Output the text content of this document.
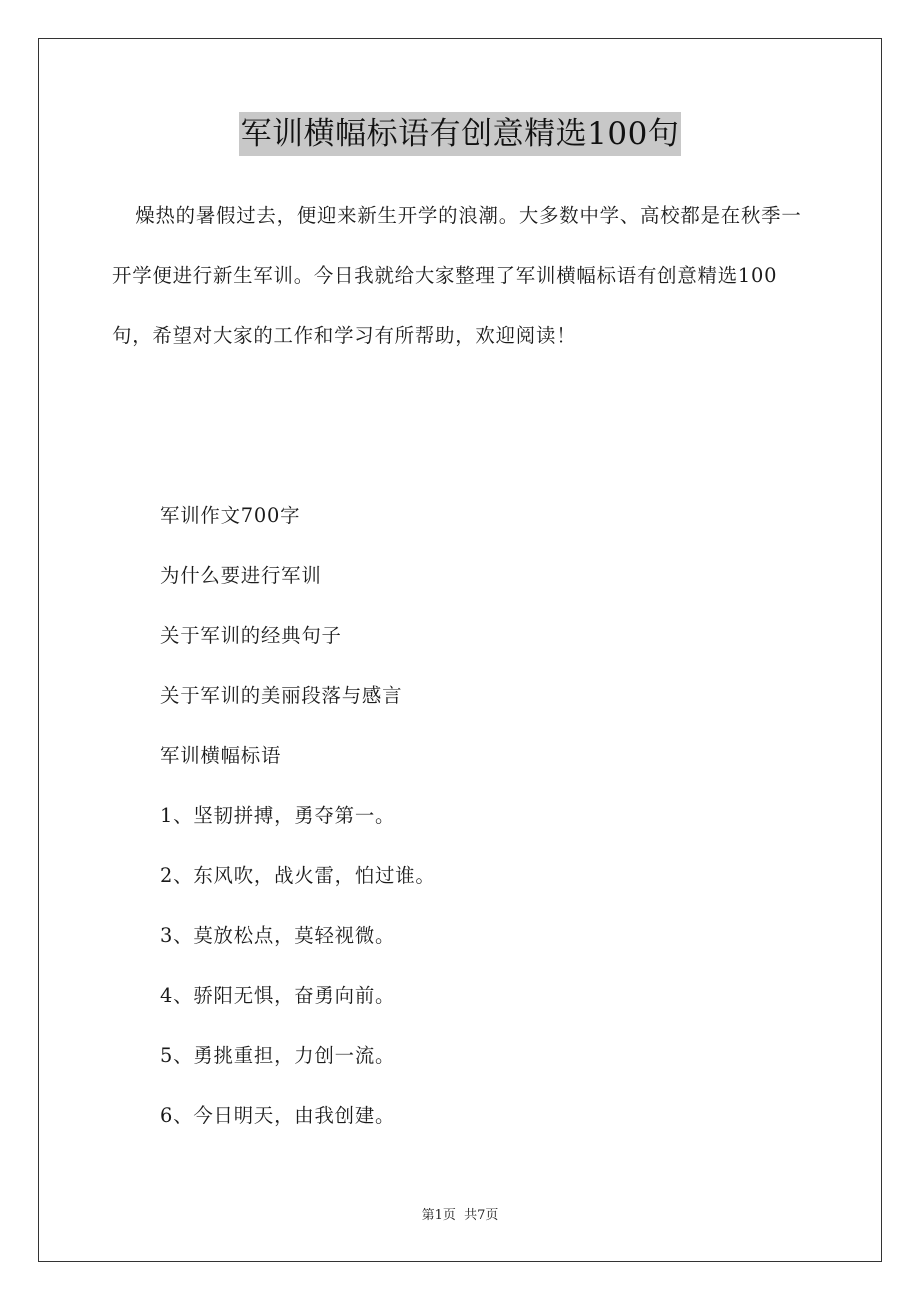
军训横幅标语有创意精选100句

燥热的暑假过去，便迎来新生开学的浪潮。大多数中学、高校都是在秋季一开学便进行新生军训。今日我就给大家整理了军训横幅标语有创意精选100句，希望对大家的工作和学习有所帮助，欢迎阅读！

军训作文700字
为什么要进行军训
关于军训的经典句子
关于军训的美丽段落与感言
军训横幅标语
1、坚韧拼搏，勇夺第一。
2、东风吹，战火雷，怕过谁。
3、莫放松点，莫轻视微。
4、骄阳无惧，奋勇向前。
5、勇挑重担，力创一流。
6、今日明天，由我创建。
第1页 共7页
